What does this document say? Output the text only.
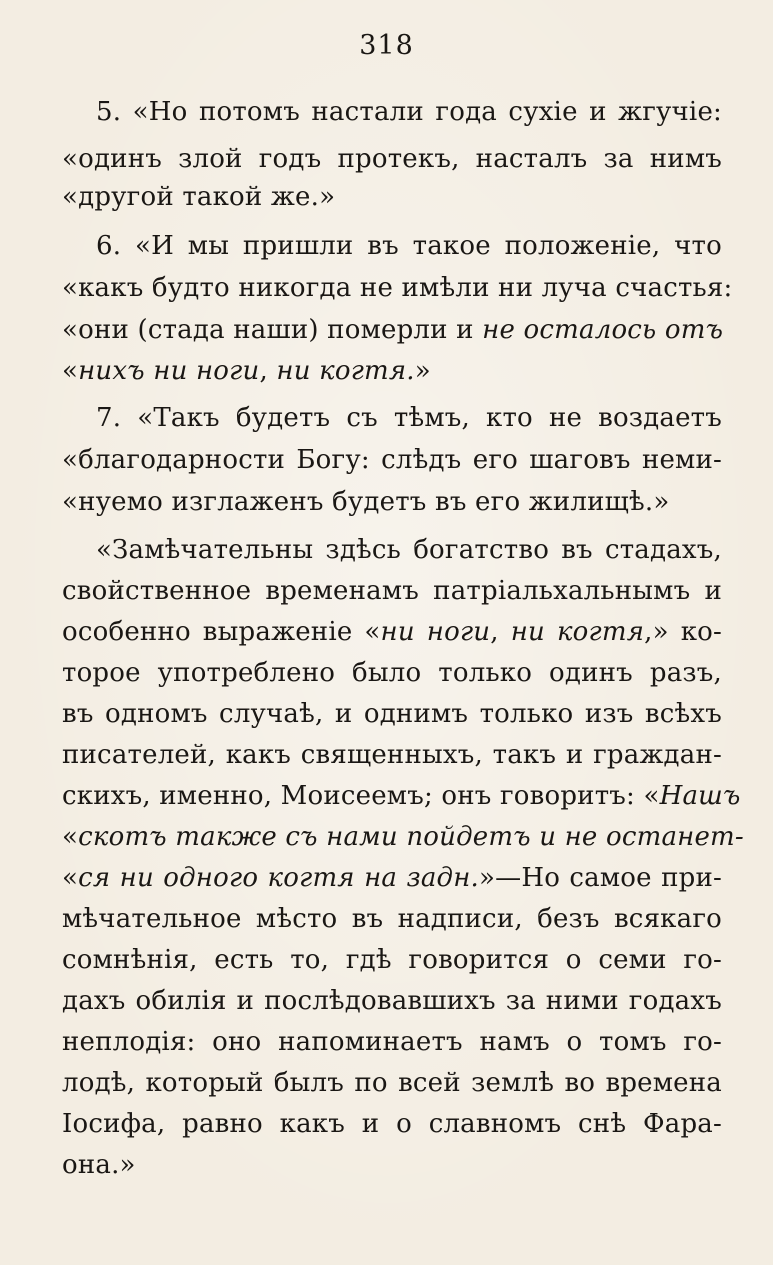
318
5. «Но потомъ настали года сухіе и жгучіе:
«одинъ злой годъ протекъ, насталъ за нимъ
«другой такой же.»
6. «И мы пришли въ такое положеніе, что
«какъ будто никогда не имѣли ни луча счастья:
«они (стада наши) померли и не осталось отъ
«нихъ ни ноги, ни когтя.»
7. «Такъ будетъ съ тѣмъ, кто не воздаетъ
«благодарности Богу: слѣдъ его шаговъ неми-
«нуемо изглаженъ будетъ въ его жилищѣ.»
«Замѣчательны здѣсь богатство въ стадахъ,
свойственное временамъ патріальхальнымъ и
особенно выраженіе «ни ноги, ни когтя,» ко-
торое употреблено было только одинъ разъ,
въ одномъ случаѣ, и однимъ только изъ всѣхъ
писателей, какъ священныхъ, такъ и граждан-
скихъ, именно, Моисеемъ; онъ говоритъ: «Нашъ
«скотъ также съ нами пойдетъ и не останет-
«ся ни одного когтя на задн.»—Но самое при-
мѣчательное мѣсто въ надписи, безъ всякаго
сомнѣнія, есть то, гдѣ говорится о семи го-
дахъ обилія и послѣдовавшихъ за ними годахъ
неплодія: оно напоминаетъ намъ о томъ го-
лодѣ, который былъ по всей землѣ во времена
Іосифа, равно какъ и о славномъ снѣ Фара-
она.»
